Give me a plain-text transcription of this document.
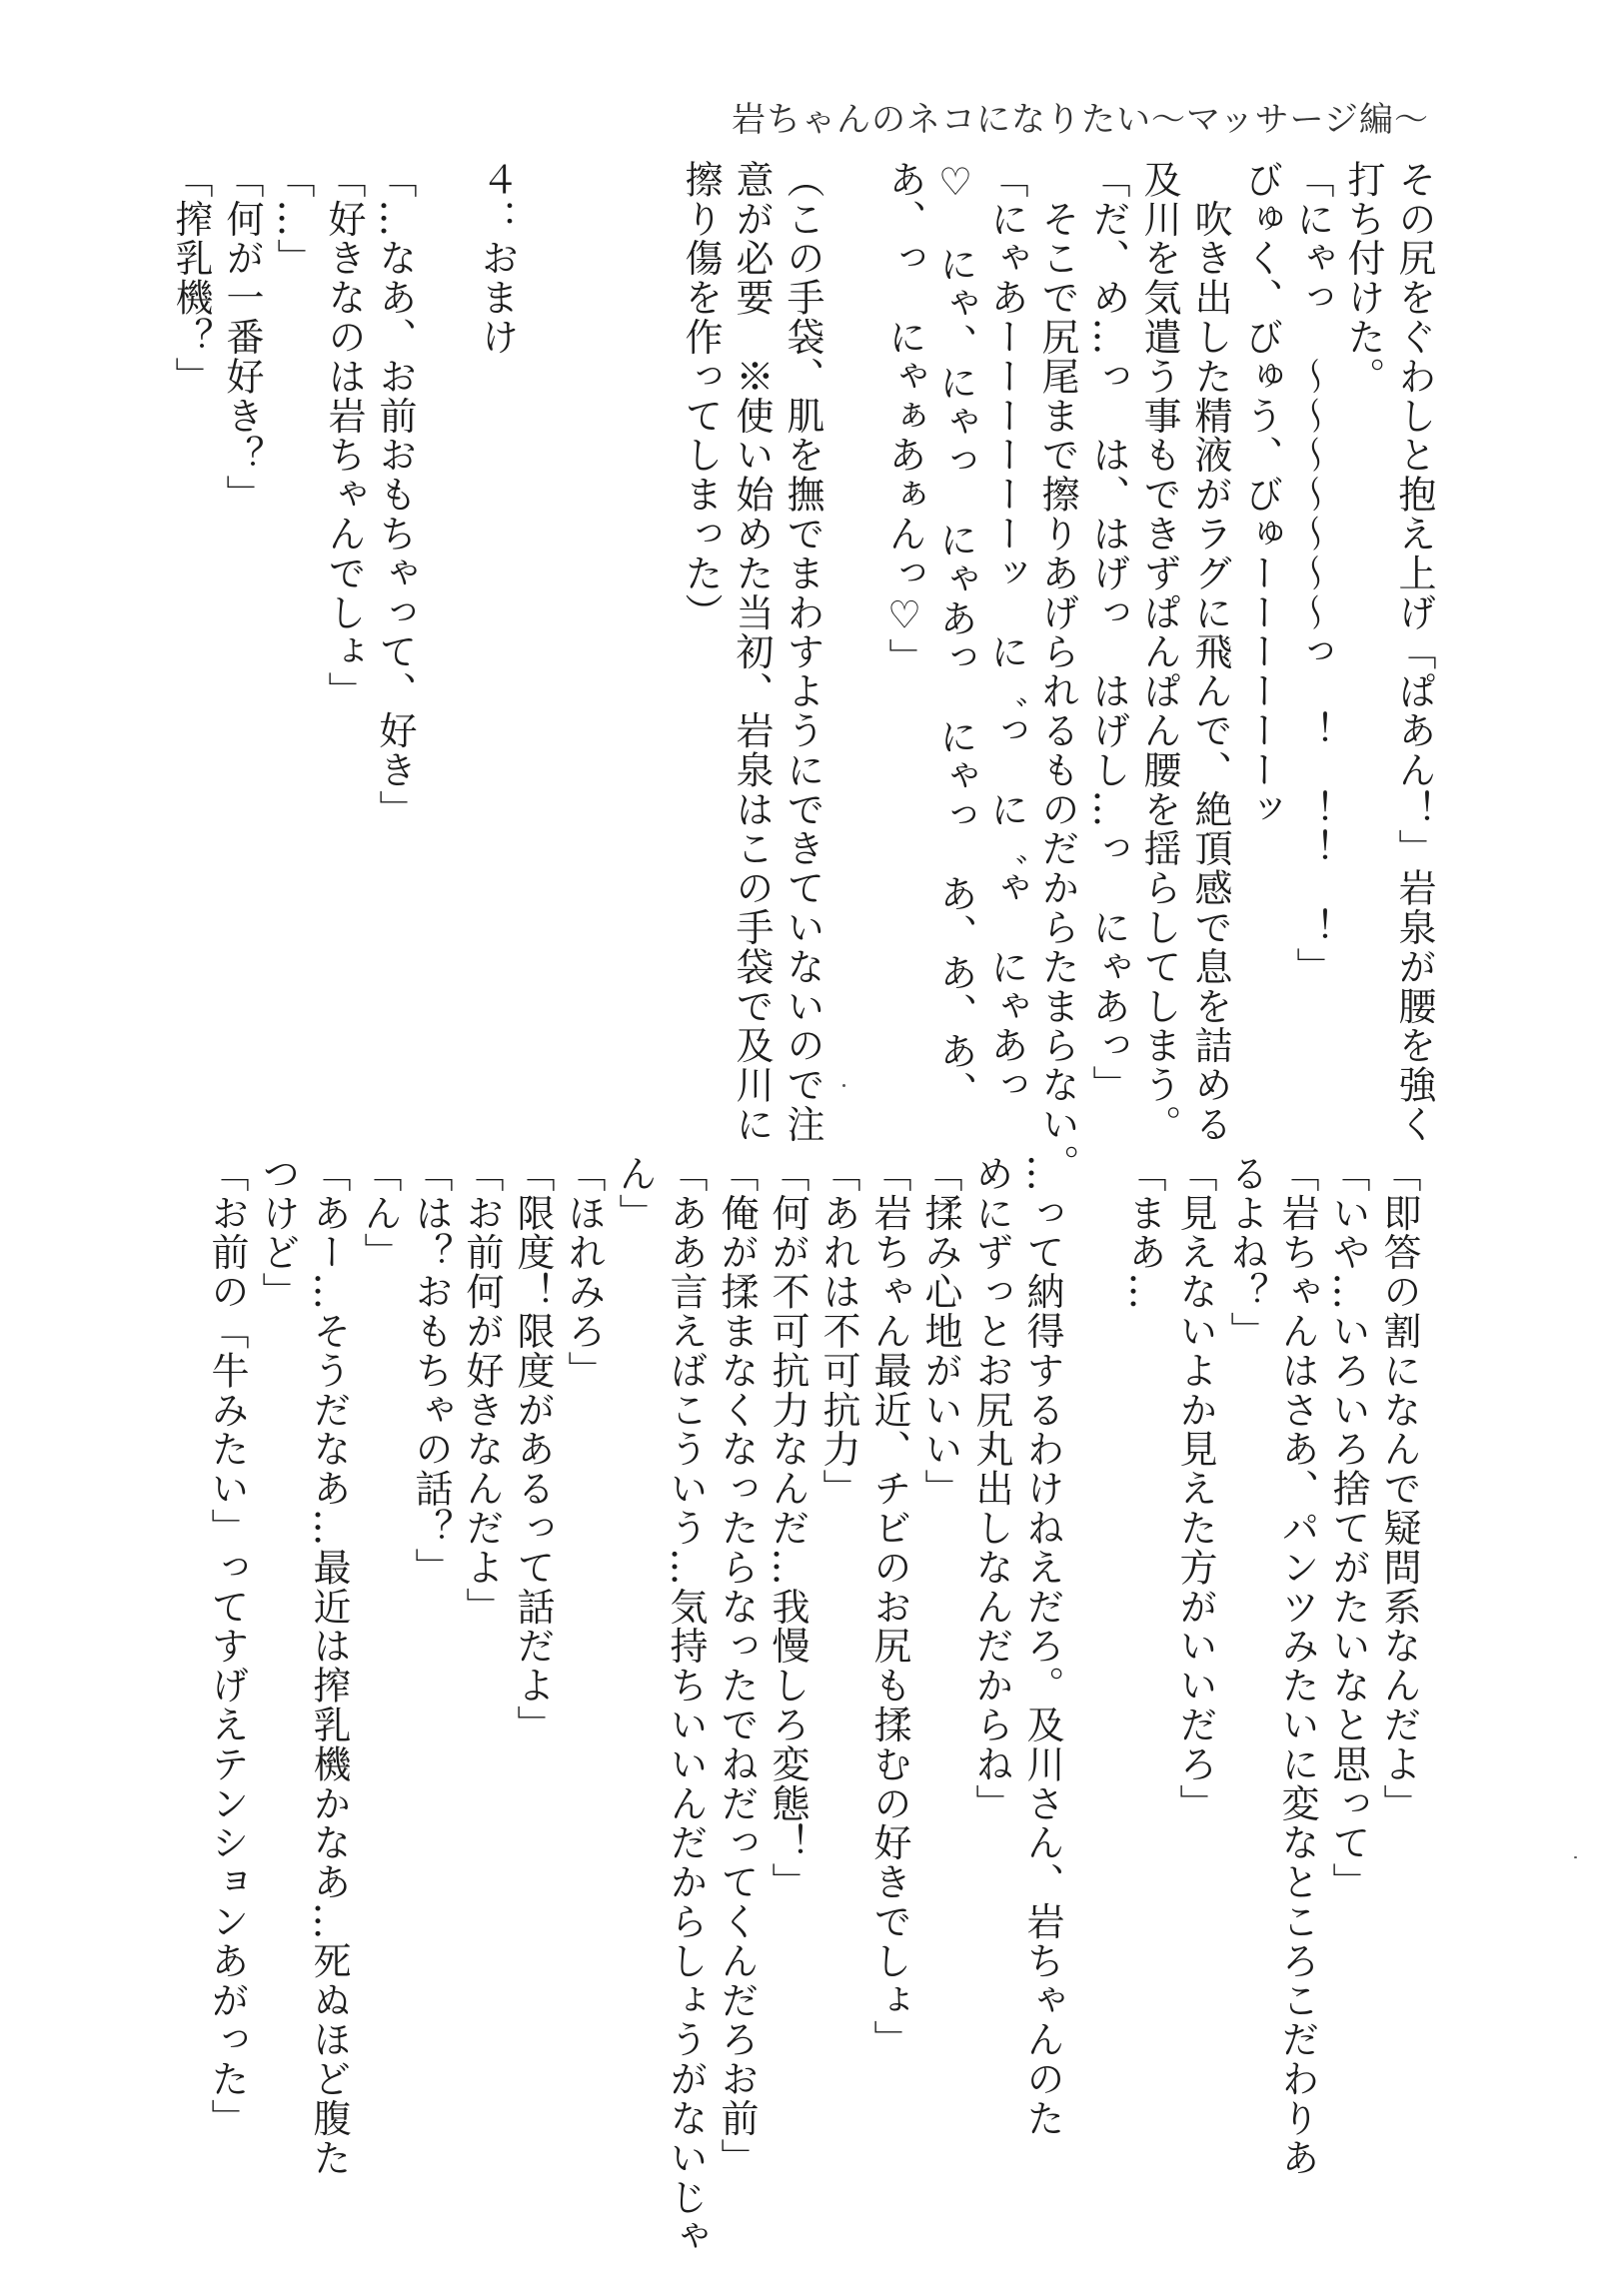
岩ちゃんのネコになりたい〜マッサージ編〜

その尻をぐわしと抱え上げ「ぱあん！」岩泉が腰を強く

打ち付けた。

「にゃっ　〜〜〜〜〜〜〜っ　！　！！　！」

びゅく、びゅう、びゅーーーーーーッ

　吹き出した精液がラグに飛んで、絶頂感で息を詰める

及川を気遣う事もできずぱんぱん腰を揺らしてしまう。

「だ、め…っ　は、はげっ　はげし…っ　にゃあっ」

　そこで尻尾まで擦りあげられるものだからたまらない。

「にゃあーーーーーーッ　に゛っ　に゛ゃ　にゃあっ

♡　にゃ、にゃっ　にゃあっ　にゃっ　あ、あ、あ、

あ、っ　にゃぁあぁんっ♡」

（この手袋、肌を撫でまわすようにできていないので注

意が必要　※使い始めた当初、岩泉はこの手袋で及川に

擦り傷を作ってしまった）

４：おまけ

「…なあ、お前おもちゃって、好き」

「好きなのは岩ちゃんでしょ」

「…」

「何が一番好き？」

「搾乳機？」

「即答の割になんで疑問系なんだよ」

「いや…いろいろ捨てがたいなと思って」

「岩ちゃんはさあ、パンツみたいに変なところこだわりあ

るよね？」

「見えないよか見えた方がいいだろ」

「まあ…

…って納得するわけねえだろ。及川さん、岩ちゃんのた

めにずっとお尻丸出しなんだからね」

「揉み心地がいい」

「岩ちゃん最近、チビのお尻も揉むの好きでしょ」

「あれは不可抗力」

「何が不可抗力なんだ…我慢しろ変態！」

「俺が揉まなくなったらなったでねだってくんだろお前」

「ああ言えばこういう…気持ちいいんだからしょうがないじゃ

ん」

「ほれみろ」

「限度！限度があるって話だよ」

「お前何が好きなんだよ」

「は？おもちゃの話？」

「ん」

「あー…そうだなあ…最近は搾乳機かなあ…死ぬほど腹た

つけど」

「お前の「牛みたい」ってすげえテンションあがった」
